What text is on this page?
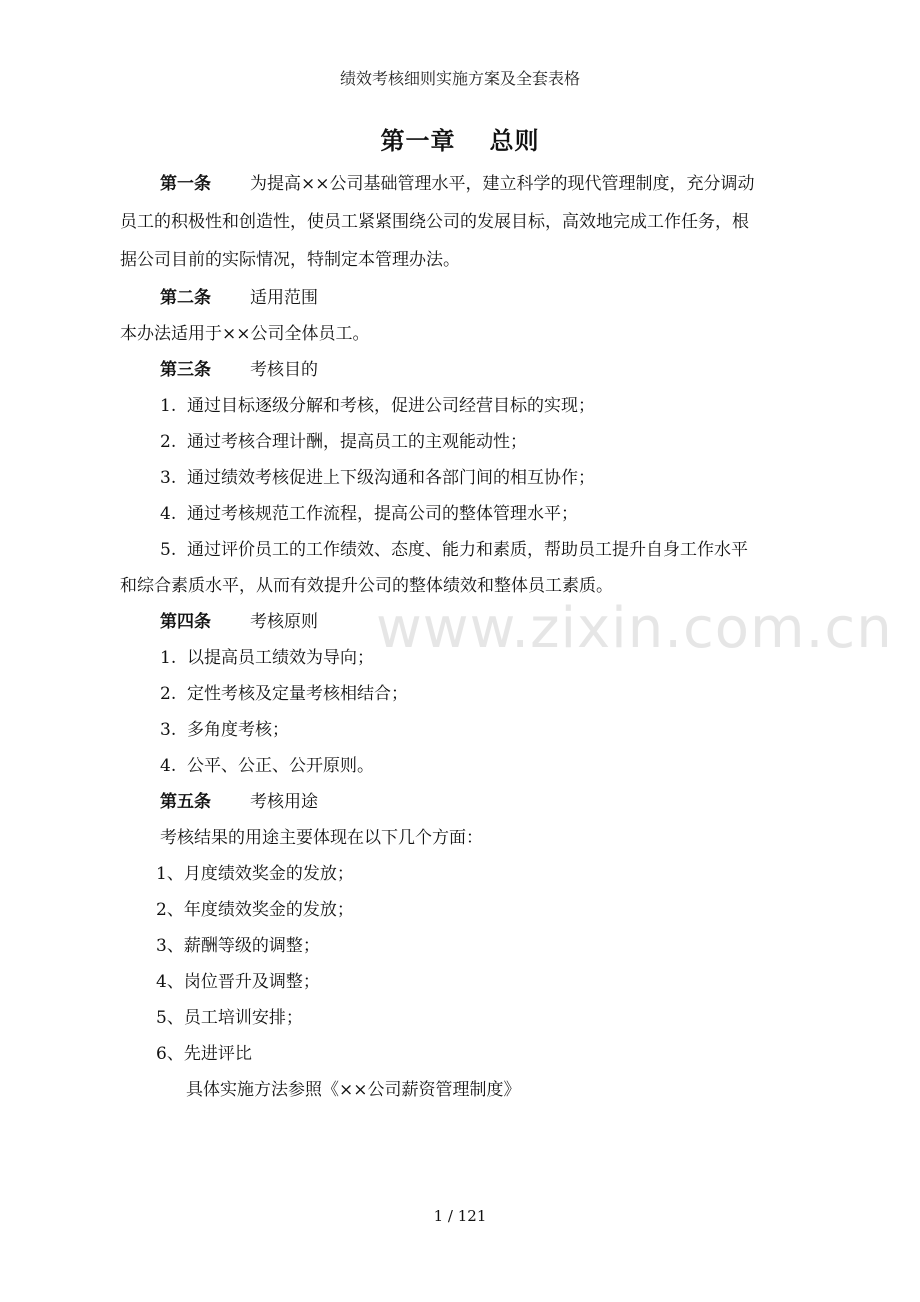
绩效考核细则实施方案及全套表格
第一章 总则
第一条 为提高××公司基础管理水平，建立科学的现代管理制度，充分调动
员工的积极性和创造性，使员工紧紧围绕公司的发展目标，高效地完成工作任务，根
据公司目前的实际情况，特制定本管理办法。
第二条 适用范围
本办法适用于××公司全体员工。
第三条 考核目的
1. 通过目标逐级分解和考核，促进公司经营目标的实现；
2. 通过考核合理计酬，提高员工的主观能动性；
3. 通过绩效考核促进上下级沟通和各部门间的相互协作；
4. 通过考核规范工作流程，提高公司的整体管理水平；
5. 通过评价员工的工作绩效、态度、能力和素质，帮助员工提升自身工作水平
和综合素质水平，从而有效提升公司的整体绩效和整体员工素质。
第四条 考核原则
1. 以提高员工绩效为导向；
2. 定性考核及定量考核相结合；
3. 多角度考核；
4. 公平、公正、公开原则。
第五条 考核用途
考核结果的用途主要体现在以下几个方面：
1、月度绩效奖金的发放；
2、年度绩效奖金的发放；
3、薪酬等级的调整；
4、岗位晋升及调整；
5、员工培训安排；
6、先进评比
具体实施方法参照《××公司薪资管理制度》
www.zixin.com.cn
1 / 121
